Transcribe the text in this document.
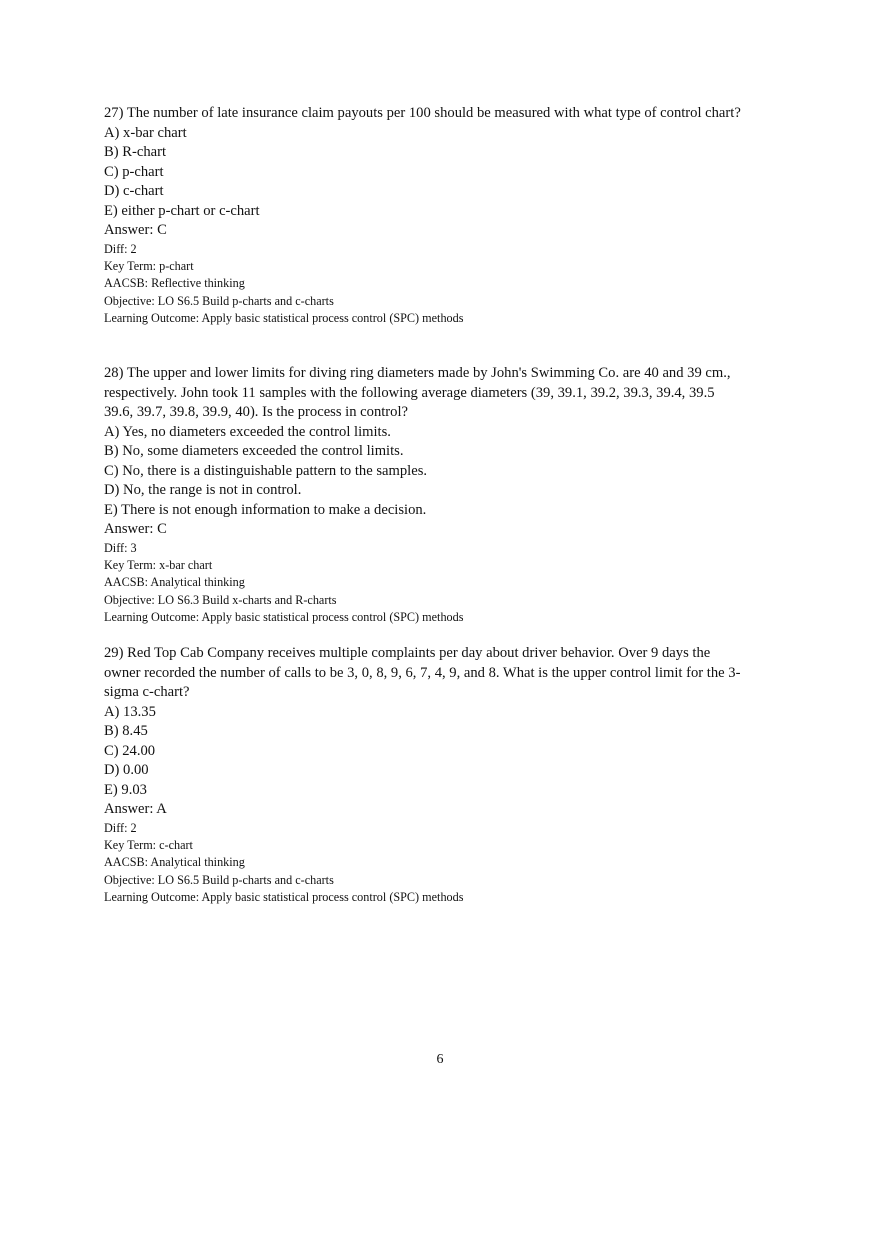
27) The number of late insurance claim payouts per 100 should be measured with what type of control chart?

A) x-bar chart
B) R-chart
C) p-chart
D) c-chart
E) either p-chart or c-chart
Answer: C
Diff: 2
Key Term: p-chart
AACSB: Reflective thinking
Objective: LO S6.5 Build p-charts and c-charts
Learning Outcome: Apply basic statistical process control (SPC) methods

28) The upper and lower limits for diving ring diameters made by John's Swimming Co. are 40 and 39 cm., respectively. John took 11 samples with the following average diameters (39, 39.1, 39.2, 39.3, 39.4, 39.5 39.6, 39.7, 39.8, 39.9, 40). Is the process in control?

A) Yes, no diameters exceeded the control limits.
B) No, some diameters exceeded the control limits.
C) No, there is a distinguishable pattern to the samples.
D) No, the range is not in control.
E) There is not enough information to make a decision.
Answer: C
Diff: 3
Key Term: x-bar chart
AACSB: Analytical thinking
Objective: LO S6.3 Build x-charts and R-charts
Learning Outcome: Apply basic statistical process control (SPC) methods

29) Red Top Cab Company receives multiple complaints per day about driver behavior. Over 9 days the owner recorded the number of calls to be 3, 0, 8, 9, 6, 7, 4, 9, and 8. What is the upper control limit for the 3-sigma c-chart?

A) 13.35
B) 8.45
C) 24.00
D) 0.00
E) 9.03
Answer: A
Diff: 2
Key Term: c-chart
AACSB: Analytical thinking
Objective: LO S6.5 Build p-charts and c-charts
Learning Outcome: Apply basic statistical process control (SPC) methods
6
